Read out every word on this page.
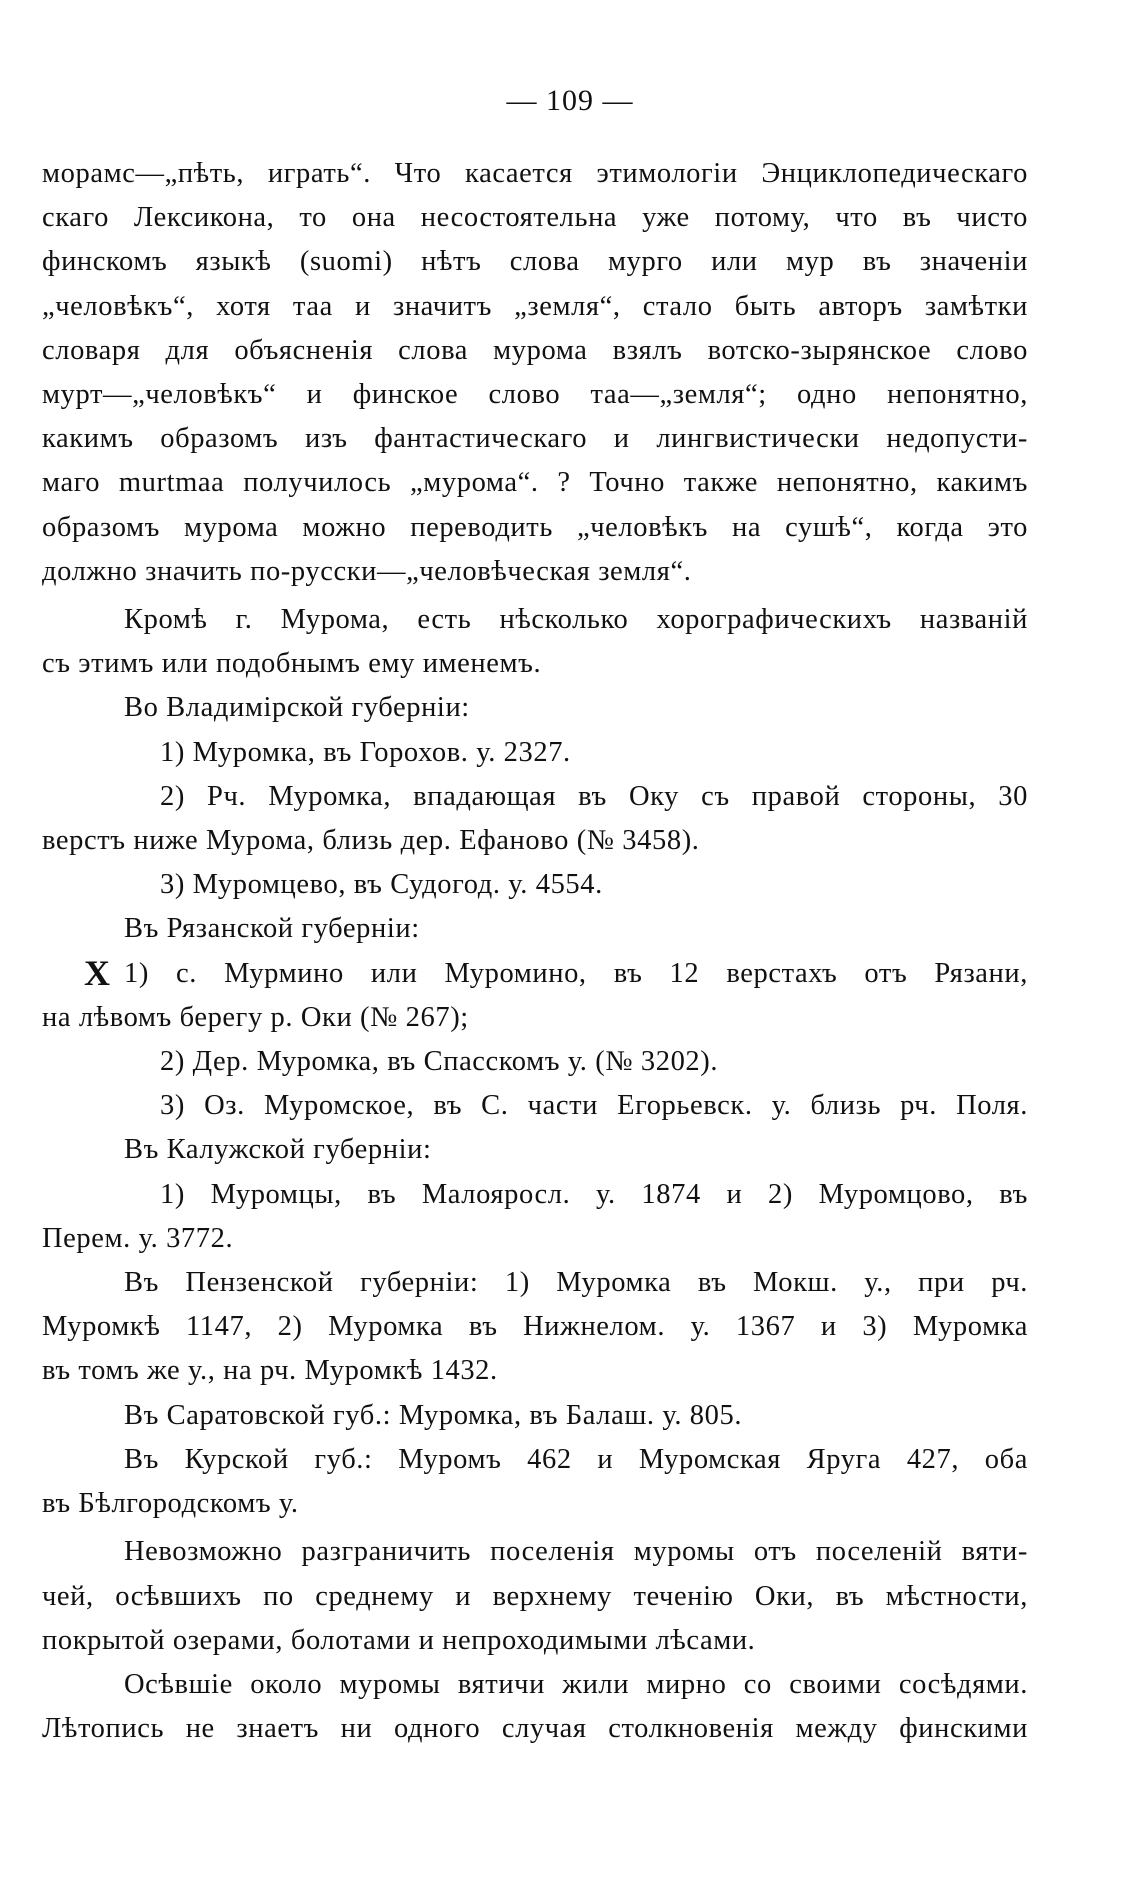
— 109 —
морамс—„пѣть, играть“. Что касается этимологіи Энциклопедическаго
скаго Лексикона, то она несостоятельна уже потому, что въ чисто
финскомъ языкѣ (suomi) нѣтъ слова мурго или мур въ значеніи
„человѣкъ“, хотя таа и значитъ „земля“, стало быть авторъ замѣтки
словаря для объясненія слова мурома взялъ вотско-зырянское слово
мурт—„человѣкъ“ и финское слово таа—„земля“; одно непонятно,
какимъ образомъ изъ фантастическаго и лингвистически недопусти-
маго murtmaa получилось „мурома“. ? Точно также непонятно, какимъ
образомъ мурома можно переводить „человѣкъ на сушѣ“, когда это
должно значить по-русски—„человѣческая земля“.
Кромѣ г. Мурома, есть нѣсколько хорографическихъ названій
съ этимъ или подобнымъ ему именемъ.
Во Владимірской губерніи:
1) Муромка, въ Горохов. у. 2327.
2) Рч. Муромка, впадающая въ Оку съ правой стороны, 30
верстъ ниже Мурома, близь дер. Ефаново (№ 3458).
3) Муромцево, въ Судогод. у. 4554.
Въ Рязанской губерніи:
X 1) с. Мурмино или Муромино, въ 12 верстахъ отъ Рязани,
на лѣвомъ берегу р. Оки (№ 267);
2) Дер. Муромка, въ Спасскомъ у. (№ 3202).
3) Оз. Муромское, въ С. части Егорьевск. у. близь рч. Поля.
Въ Калужской губерніи:
1) Муромцы, въ Малояросл. у. 1874 и 2) Муромцово, въ
Перем. у. 3772.
Въ Пензенской губерніи: 1) Муромка въ Мокш. у., при рч.
Муромкѣ 1147, 2) Муромка въ Нижнелом. у. 1367 и 3) Муромка
въ томъ же у., на рч. Муромкѣ 1432.
Въ Саратовской губ.: Муромка, въ Балаш. у. 805.
Въ Курской губ.: Муромъ 462 и Муромская Яруга 427, оба
въ Бѣлгородскомъ у.
Невозможно разграничить поселенія муромы отъ поселеній вяти-
чей, осѣвшихъ по среднему и верхнему теченію Оки, въ мѣстности,
покрытой озерами, болотами и непроходимыми лѣсами.
Осѣвшіе около муромы вятичи жили мирно со своими сосѣдями.
Лѣтопись не знаетъ ни одного случая столкновенія между финскими
